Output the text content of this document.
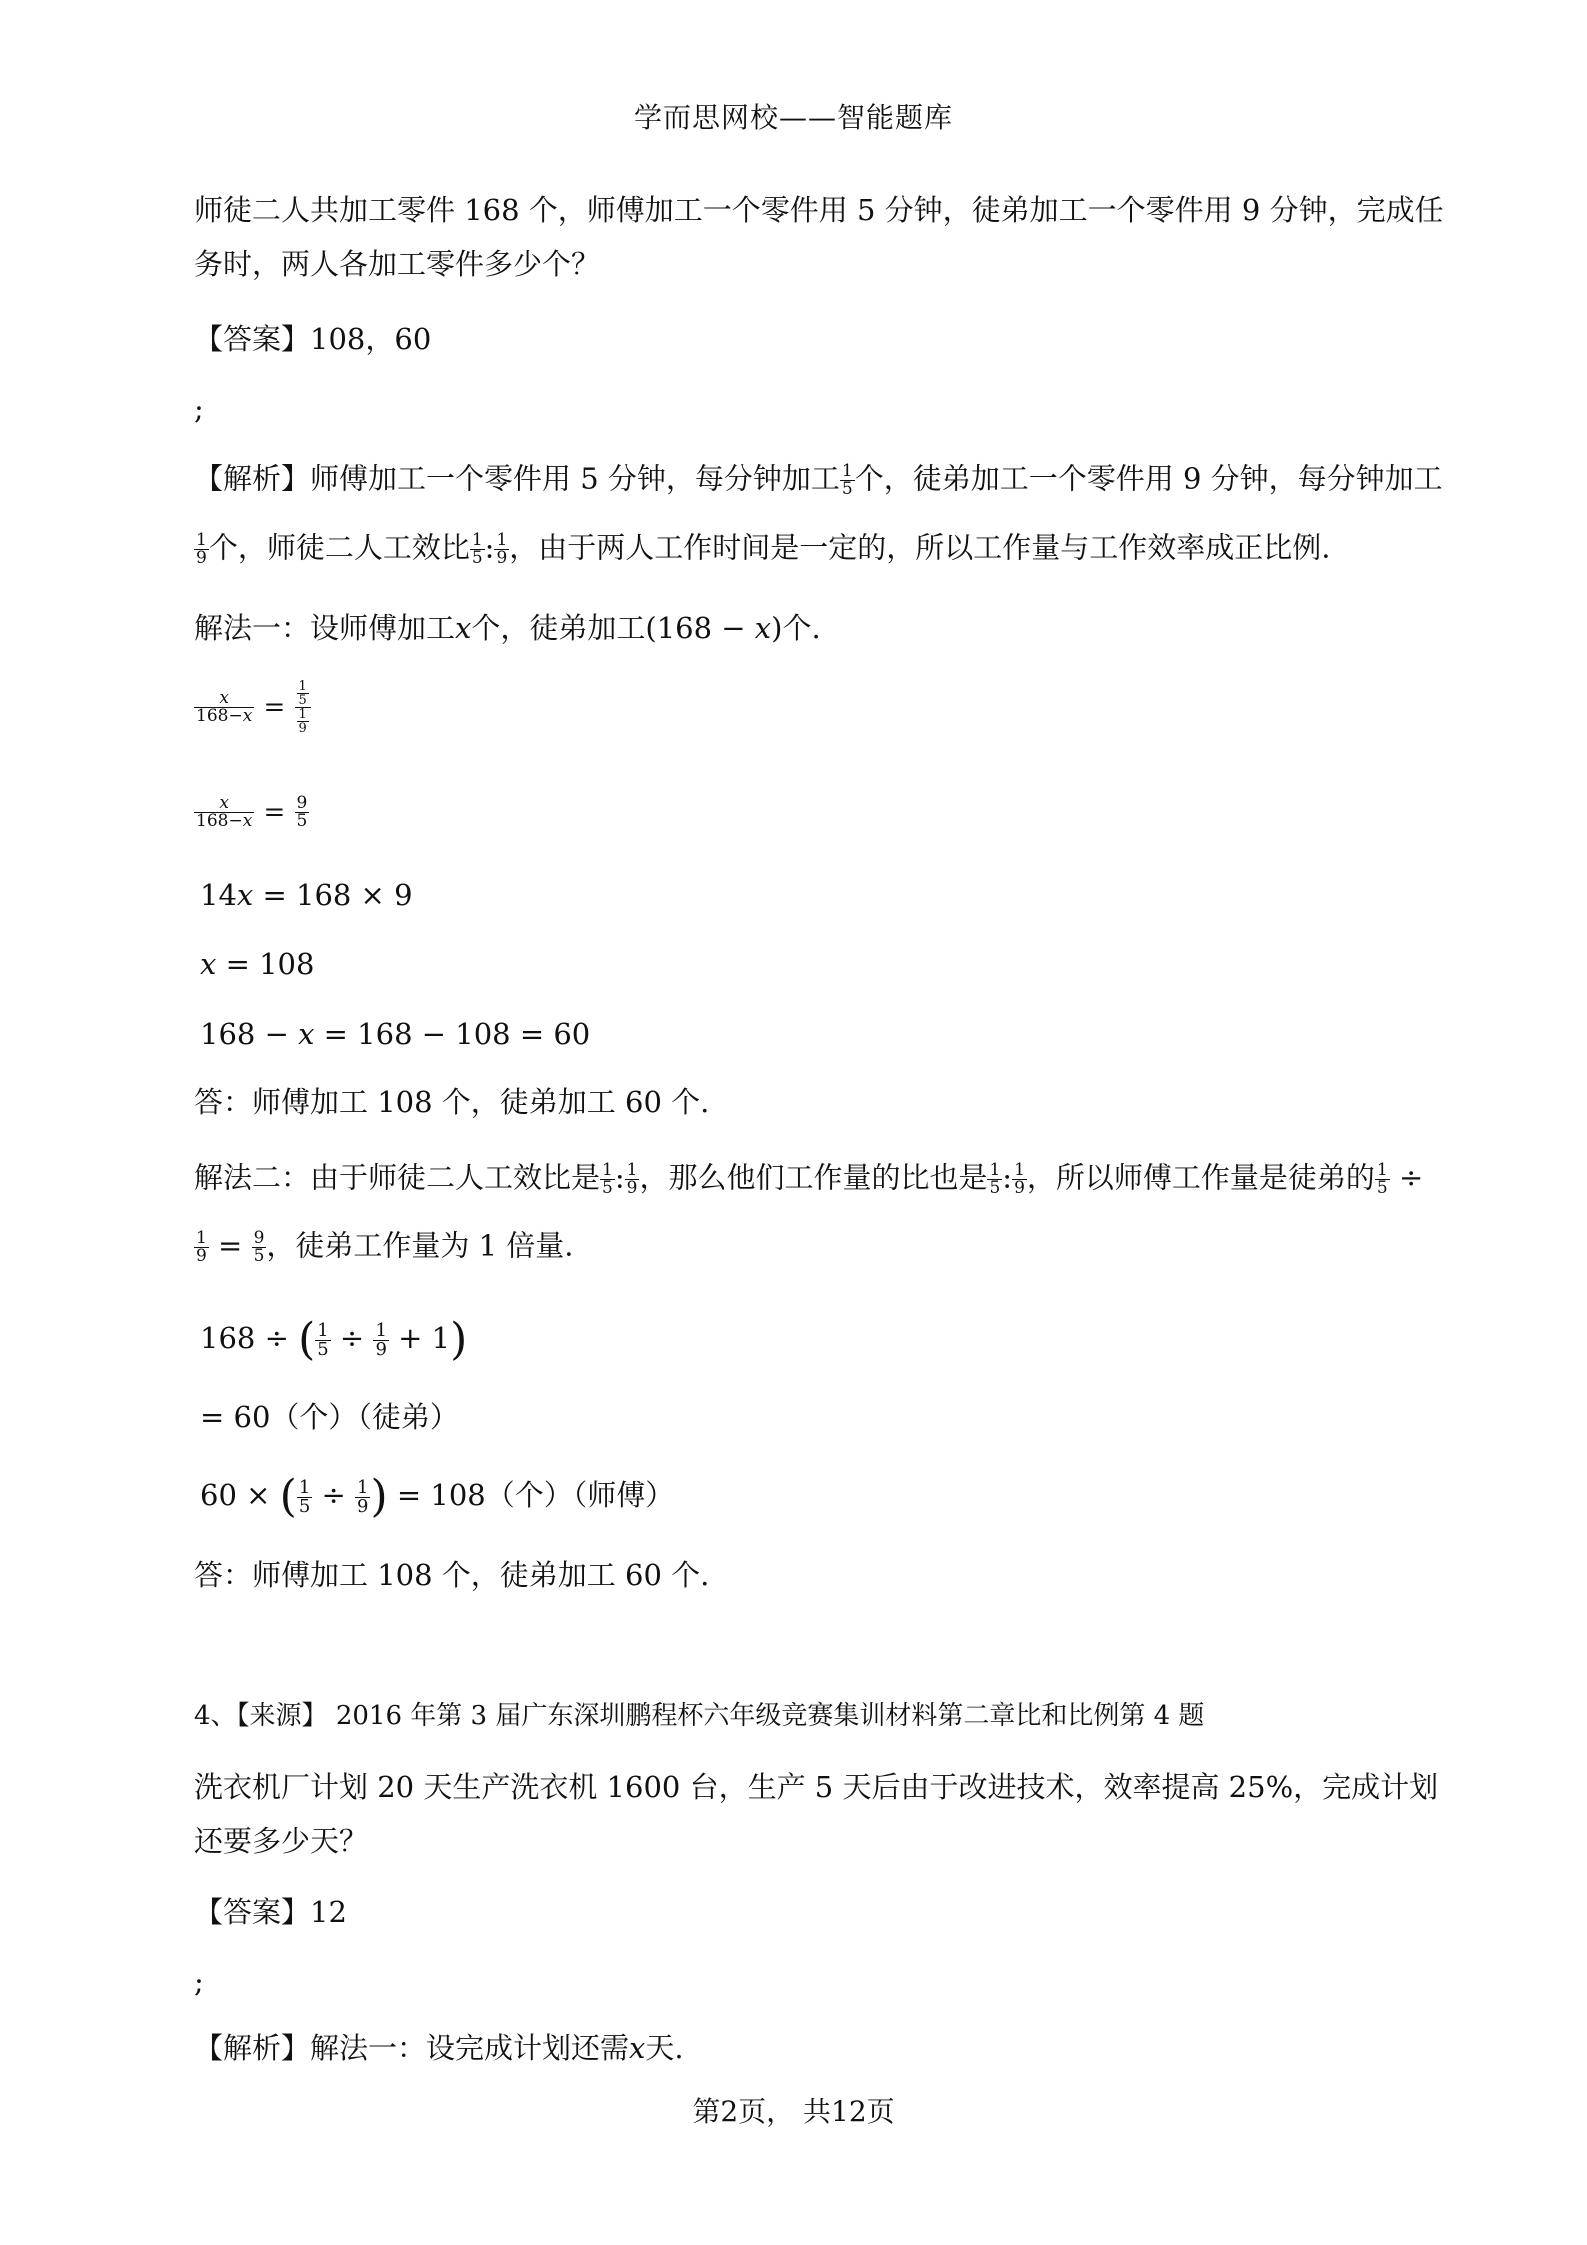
学而思网校——智能题库
师徒二人共加工零件 168 个，师傅加工一个零件用 5 分钟，徒弟加工一个零件用 9 分钟，完成任
务时，两人各加工零件多少个？
【答案】108，60
;
【解析】师傅加工一个零件用 5 分钟，每分钟加工 $\frac{1}{5}$ 个，徒弟加工一个零件用 9 分钟，每分钟加工
$\frac{1}{9}$ 个，师徒二人工效比 $\frac{1}{5}$ : $\frac{1}{9}$ ，由于两人工作时间是一定的，所以工作量与工作效率成正比例.
解法一：设师傅加工𝑥个，徒弟加工(168 − 𝑥)个.
$\frac{x}{168-x} = \frac{\frac{1}{5}}{\frac{1}{9}}$
$\frac{x}{168-x} = \frac{9}{5}$
14𝑥 = 168 × 9
𝑥 = 108
168 − 𝑥 = 168 − 108 = 60
答：师傅加工 108 个，徒弟加工 60 个.
解法二：由于师徒二人工效比是 $\frac{1}{5}$ : $\frac{1}{9}$ ，那么他们工作量的比也是 $\frac{1}{5}$ : $\frac{1}{9}$ ，所以师傅工作量是徒弟的 $\frac{1}{5}$ ÷
$\frac{1}{9} = \frac{9}{5}$ ，徒弟工作量为 1 倍量.
168 ÷ ( $\frac{1}{5} \div \frac{1}{9} + 1$)
= 60（个）（徒弟）
60 × ( $\frac{1}{5} \div \frac{1}{9}$ ) = 108（个）（师傅）
答：师傅加工 108 个，徒弟加工 60 个.
4、【来源】 2016 年第 3 届广东深圳鹏程杯六年级竞赛集训材料第二章比和比例第 4 题
洗衣机厂计划 20 天生产洗衣机 1600 台，生产 5 天后由于改进技术，效率提高 25%，完成计划
还要多少天？
【答案】12
;
【解析】解法一：设完成计划还需𝑥天.
第2页， 共12页
